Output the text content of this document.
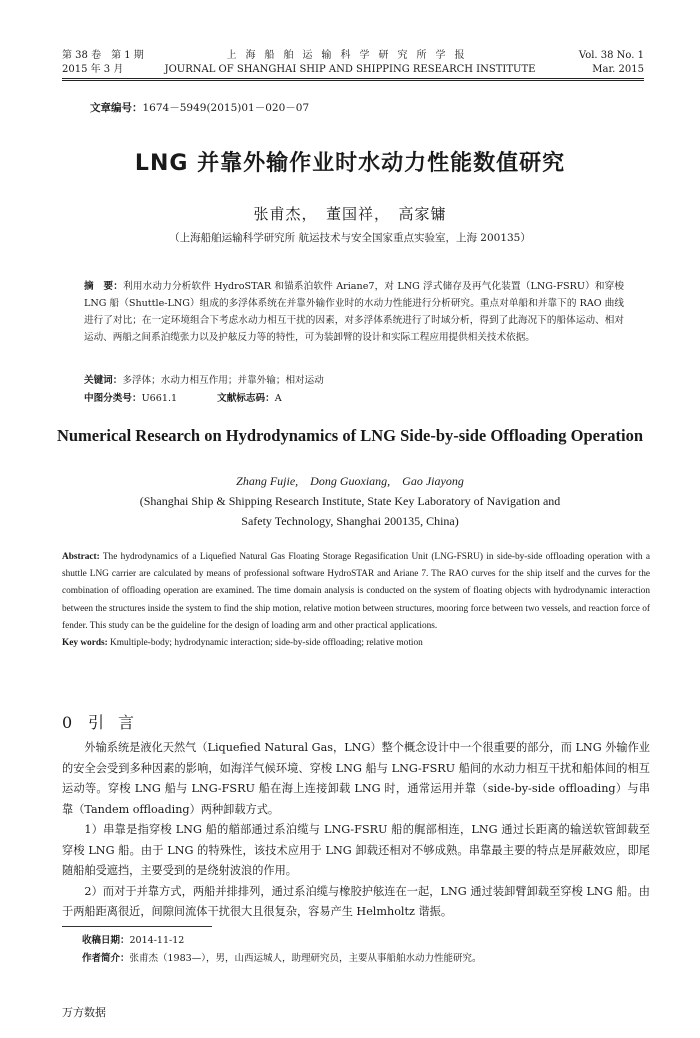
第 38 卷　第 1 期
2015 年 3 月
上海船舶运输科学研究所学报
JOURNAL OF SHANGHAI SHIP AND SHIPPING RESEARCH INSTITUTE
Vol. 38 No. 1
Mar. 2015
文章编号：1674－5949(2015)01－020－07
LNG 并靠外输作业时水动力性能数值研究
张甫杰，　董国祥，　高家镛
（上海船舶运输科学研究所 航运技术与安全国家重点实验室，上海 200135）
摘　要：利用水动力分析软件 HydroSTAR 和锚系泊软件 Ariane7，对 LNG 浮式储存及再气化装置（LNG-FSRU）和穿梭 LNG 船（Shuttle-LNG）组成的多浮体系统在并靠外输作业时的水动力性能进行分析研究。重点对单船和并靠下的 RAO 曲线进行了对比；在一定环境组合下考虑水动力相互干扰的因素，对多浮体系统进行了时域分析，得到了此海况下的船体运动、相对运动、两船之间系泊缆张力以及护舷反力等的特性，可为装卸臂的设计和实际工程应用提供相关技术依据。
关键词：多浮体；水动力相互作用；并靠外输；相对运动
中图分类号：U661.1	文献标志码：A
Numerical Research on Hydrodynamics of LNG Side-by-side Offloading Operation
Zhang Fujie,　Dong Guoxiang,　Gao Jiayong
(Shanghai Ship & Shipping Research Institute, State Key Laboratory of Navigation and
Safety Technology, Shanghai 200135, China)
Abstract: The hydrodynamics of a Liquefied Natural Gas Floating Storage Regasification Unit (LNG-FSRU) in side-by-side offloading operation with a shuttle LNG carrier are calculated by means of professional software HydroSTAR and Ariane 7. The RAO curves for the ship itself and the curves for the combination of offloading operation are examined. The time domain analysis is conducted on the system of floating objects with hydrodynamic interaction between the structures inside the system to find the ship motion, relative motion between structures, mooring force between two vessels, and reaction force of fender. This study can be the guideline for the design of loading arm and other practical applications.
Key words: Kmultiple-body; hydrodynamic interaction; side-by-side offloading; relative motion
0 引言

外输系统是液化天然气（Liquefied Natural Gas，LNG）整个概念设计中一个很重要的部分，而 LNG 外输作业的安全会受到多种因素的影响，如海洋气候环境、穿梭 LNG 船与 LNG-FSRU 船间的水动力相互干扰和船体间的相互运动等。穿梭 LNG 船与 LNG-FSRU 船在海上连接卸载 LNG 时，通常运用并靠（side-by-side offloading）与串靠（Tandem offloading）两种卸载方式。

1）串靠是指穿梭 LNG 船的艏部通过系泊缆与 LNG-FSRU 船的艉部相连，LNG 通过长距离的输送软管卸载至穿梭 LNG 船。由于 LNG 的特殊性，该技术应用于 LNG 卸载还相对不够成熟。串靠最主要的特点是屏蔽效应，即尾随船舶受遮挡，主要受到的是绕射波浪的作用。

2）而对于并靠方式，两船并排排列，通过系泊缆与橡胶护舷连在一起，LNG 通过装卸臂卸载至穿梭 LNG 船。由于两船距离很近，间隙间流体干扰很大且很复杂，容易产生 Helmholtz 谐振。

收稿日期：2014-11-12
作者简介：张甫杰（1983—），男，山西运城人，助理研究员，主要从事船舶水动力性能研究。
万方数据
